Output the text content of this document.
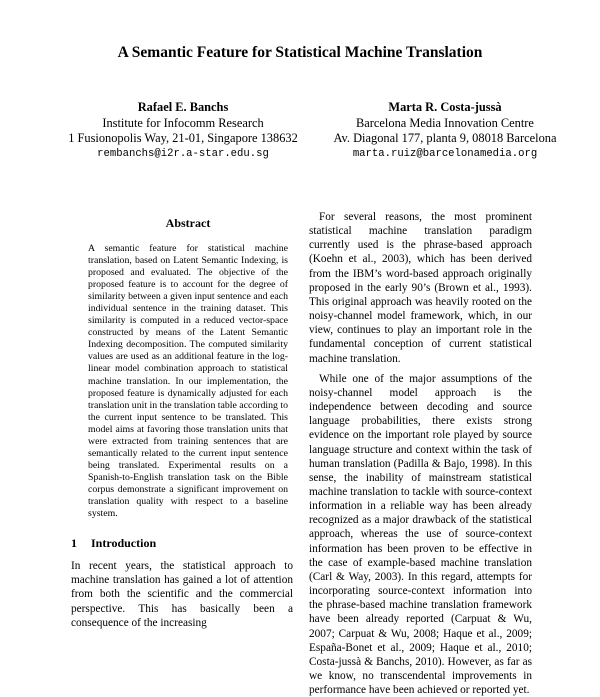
A Semantic Feature for Statistical Machine Translation
Rafael E. Banchs
Institute for Infocomm Research
1 Fusionopolis Way, 21-01, Singapore 138632
rembanchs@i2r.a-star.edu.sg
Marta R. Costa-jussà
Barcelona Media Innovation Centre
Av. Diagonal 177, planta 9, 08018 Barcelona
marta.ruiz@barcelonamedia.org
Abstract

A semantic feature for statistical machine translation, based on Latent Semantic Indexing, is proposed and evaluated. The objective of the proposed feature is to account for the degree of similarity between a given input sentence and each individual sentence in the training dataset. This similarity is computed in a reduced vector-space constructed by means of the Latent Semantic Indexing decomposition. The computed similarity values are used as an additional feature in the log-linear model combination approach to statistical machine translation. In our implementation, the proposed feature is dynamically adjusted for each translation unit in the translation table according to the current input sentence to be translated. This model aims at favoring those translation units that were extracted from training sentences that are semantically related to the current input sentence being translated. Experimental results on a Spanish-to-English translation task on the Bible corpus demonstrate a significant improvement on translation quality with respect to a baseline system.

1 Introduction

In recent years, the statistical approach to machine translation has gained a lot of attention from both the scientific and the commercial perspective. This has basically been a consequence of the increasing

For several reasons, the most prominent statistical machine translation paradigm currently used is the phrase-based approach (Koehn et al., 2003), which has been derived from the IBM’s word-based approach originally proposed in the early 90’s (Brown et al., 1993). This original approach was heavily rooted on the noisy-channel model framework, which, in our view, continues to play an important role in the fundamental conception of current statistical machine translation.

While one of the major assumptions of the noisy-channel model approach is the independence between decoding and source language probabilities, there exists strong evidence on the important role played by source language structure and context within the task of human translation (Padilla & Bajo, 1998). In this sense, the inability of mainstream statistical machine translation to tackle with source-context information in a reliable way has been already recognized as a major drawback of the statistical approach, whereas the use of source-context information has been proven to be effective in the case of example-based machine translation (Carl & Way, 2003). In this regard, attempts for incorporating source-context information into the phrase-based machine translation framework have been already reported (Carpuat & Wu, 2007; Carpuat & Wu, 2008; Haque et al., 2009; España-Bonet et al., 2009; Haque et al., 2010; Costa-jussà & Banchs, 2010). However, as far as we know, no transcendental improvements in performance have been achieved or reported yet.
